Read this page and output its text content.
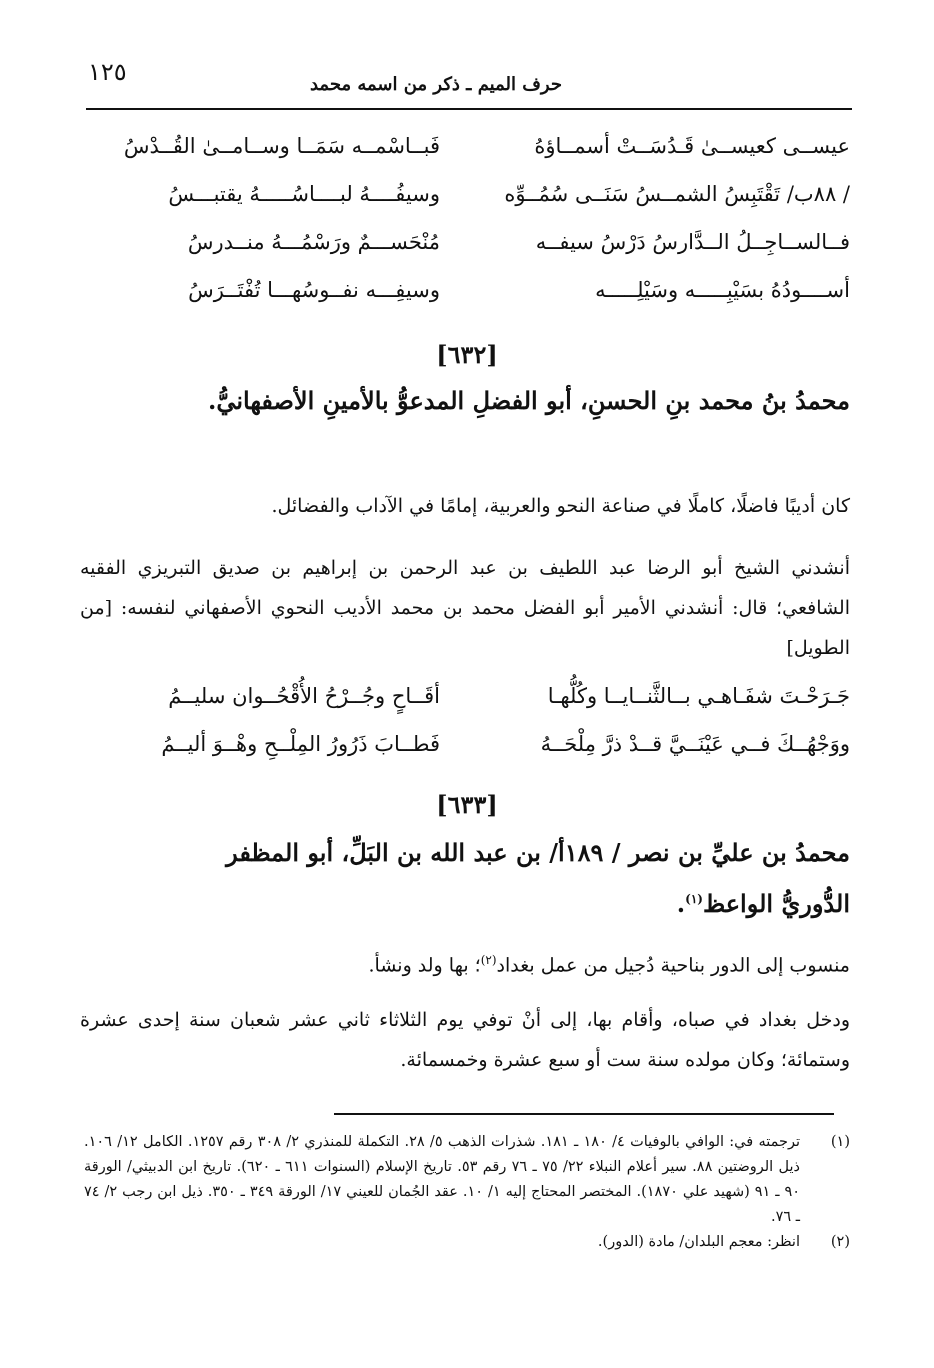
١٢٥	حرف الميم ـ ذكر من اسمه محمد
عيســى كعيســىٰ قَـدُسَــتْ أسمــاؤهُ
فَبــاسْمــه سَمَــا وســامــىٰ القُــدْسُ
/ ٨٨ب/ تَقْتَبِسُ الشمــسُ سَنَــى سُمُــوِّه
وسيفُــــهُ لبــــاسُـــــهُ يقتبـــسُ
فــالســاجِــلُ الــدَّارسُ دَرْسُ سيفــه
مُنْحَســـمٌ ورَسْمُـــهُ منــدرسُ
أســــودُهُ بسَيْبِـــــه وسَيْلِـــــه
وسيفِـــه نفــوسُهـــا تُفْتَــرَسُ
[٦٣٢]
محمدُ بنُ محمد بنِ الحسنِ، أبو الفضلِ المدعوُّ بالأمينِ الأصفهانيُّ.
كان أديبًا فاضلًا، كاملًا في صناعة النحو والعربية، إمامًا في الآداب والفضائل.
أنشدني الشيخ أبو الرضا عبد اللطيف بن عبد الرحمن بن إبراهيم بن صديق التبريزي الفقيه الشافعي؛ قال: أنشدني الأمير أبو الفضل محمد بن محمد الأديب النحوي الأصفهاني لنفسه: [من الطويل]
جَـرَحْـتَ شفَـاهـي بــالثَّنــايــا وكُلُّهـا
أقَــاحٍ وجُــرْحُ الأُقْحُــوان سليــمُ
ووَجْهُــكَ فــي عَيْنَــيَّ قــدْ ذرَّ مِلْحَــهُ
فَطــابَ ذَرُورُ المِلْــحِ وهْــوَ أليــمُ
[٦٣٣]
محمدُ بن عليِّ بن نصر / ١٨٩أ/ بن عبد الله بن البَلِّ، أبو المظفر الدُّوريُّ الواعظ$^{(١)}$.
منسوب إلى الدور بناحية دُجيل من عمل بغداد$^{(٢)}$؛ بها ولد ونشأ.
ودخل بغداد في صباه، وأقام بها، إلى أنْ توفي يوم الثلاثاء ثاني عشر شعبان سنة إحدى عشرة وستمائة؛ وكان مولده سنة ست أو سبع عشرة وخمسمائة.
(١)
ترجمته في: الوافي بالوفيات ٤/ ١٨٠ ـ ١٨١. شذرات الذهب ٥/ ٢٨. التكملة للمنذري ٢/ ٣٠٨ رقم ١٢٥٧. الكامل ١٢/ ١٠٦. ذيل الروضتين ٨٨. سير أعلام النبلاء ٢٢/ ٧٥ ـ ٧٦ رقم ٥٣. تاريخ الإسلام (السنوات ٦١١ ـ ٦٢٠). تاريخ ابن الدبيثي/ الورقة ٩٠ ـ ٩١ (شهيد علي ١٨٧٠). المختصر المحتاج إليه ١/ ١٠. عقد الجُمان للعيني ١٧/ الورقة ٣٤٩ ـ ٣٥٠. ذيل ابن رجب ٢/ ٧٤ ـ ٧٦.
(٢)
انظر: معجم البلدان/ مادة (الدور).
